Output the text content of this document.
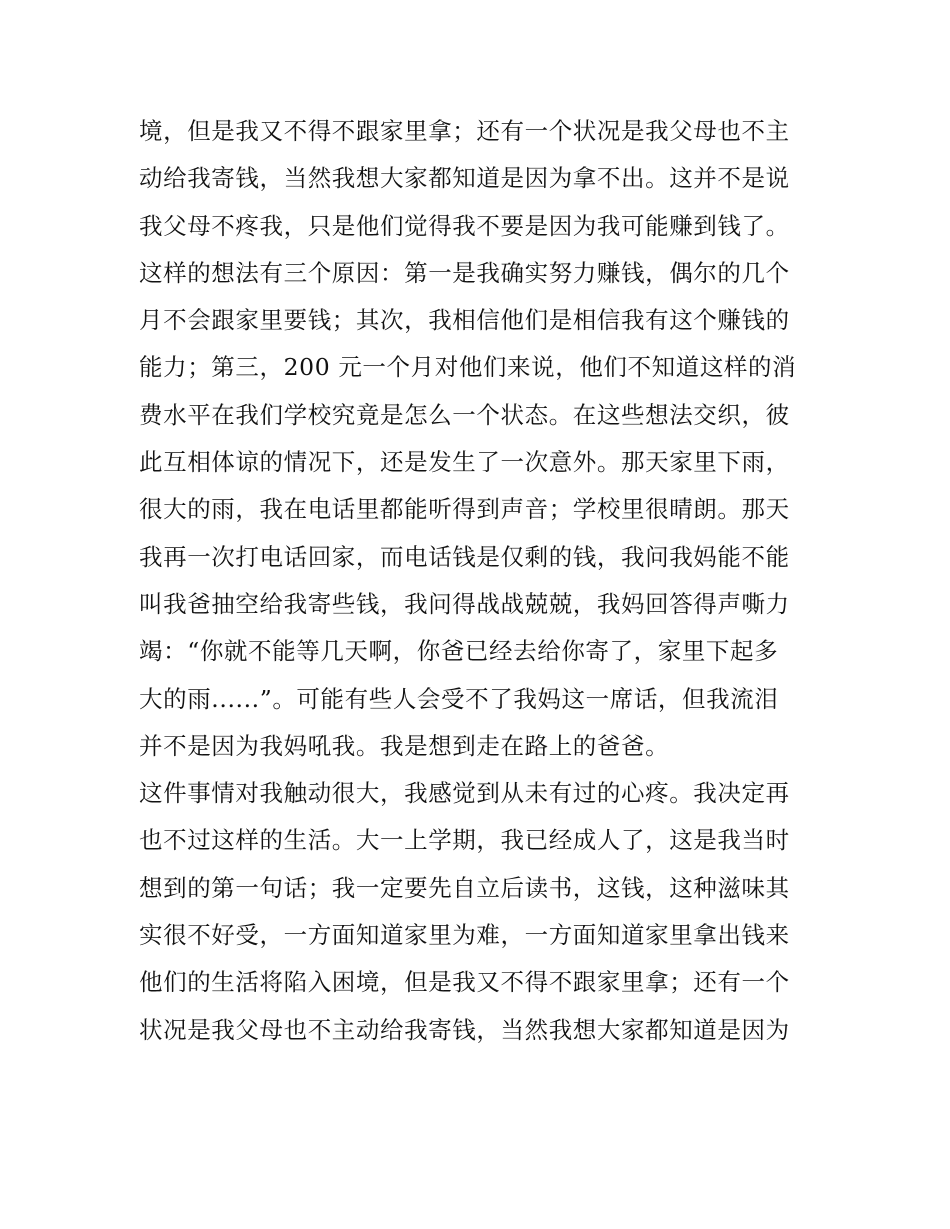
境，但是我又不得不跟家里拿；还有一个状况是我父母也不主
动给我寄钱，当然我想大家都知道是因为拿不出。这并不是说
我父母不疼我，只是他们觉得我不要是因为我可能赚到钱了。
这样的想法有三个原因：第一是我确实努力赚钱，偶尔的几个
月不会跟家里要钱；其次，我相信他们是相信我有这个赚钱的
能力；第三，200 元一个月对他们来说，他们不知道这样的消
费水平在我们学校究竟是怎么一个状态。在这些想法交织，彼
此互相体谅的情况下，还是发生了一次意外。那天家里下雨，
很大的雨，我在电话里都能听得到声音；学校里很晴朗。那天
我再一次打电话回家，而电话钱是仅剩的钱，我问我妈能不能
叫我爸抽空给我寄些钱，我问得战战兢兢，我妈回答得声嘶力
竭：“你就不能等几天啊，你爸已经去给你寄了，家里下起多
大的雨......”。可能有些人会受不了我妈这一席话，但我流泪
并不是因为我妈吼我。我是想到走在路上的爸爸。
这件事情对我触动很大，我感觉到从未有过的心疼。我决定再
也不过这样的生活。大一上学期，我已经成人了，这是我当时
想到的第一句话；我一定要先自立后读书，这钱，这种滋味其
实很不好受，一方面知道家里为难，一方面知道家里拿出钱来
他们的生活将陷入困境，但是我又不得不跟家里拿；还有一个
状况是我父母也不主动给我寄钱，当然我想大家都知道是因为
